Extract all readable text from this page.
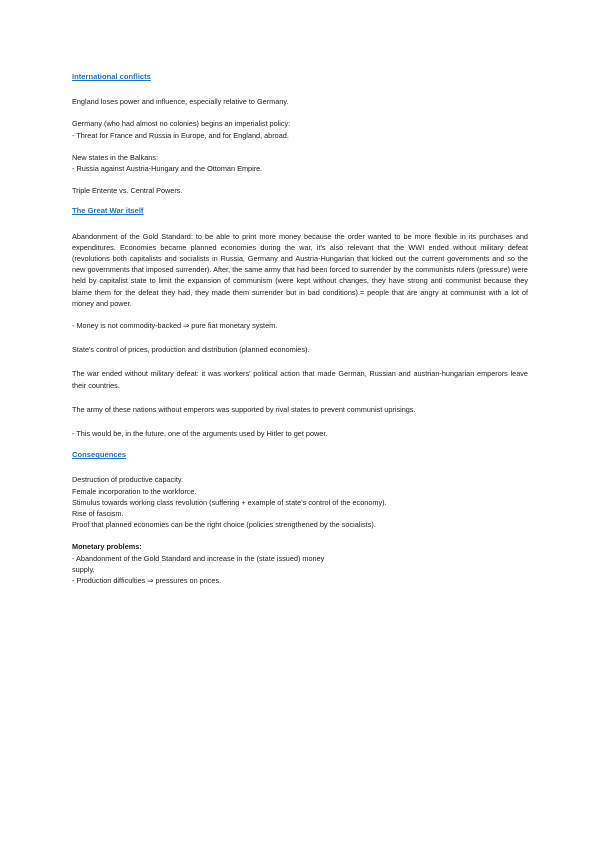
International conflicts

England loses power and influence, especially relative to Germany.

Germany (who had almost no colonies) begins an imperialist policy:
- Threat for France and Russia in Europe, and for England, abroad.

New states in the Balkans:
- Russia against Austria-Hungary and the Ottoman Empire.

Triple Entente vs. Central Powers.

The Great War itself

Abandonment of the Gold Standard: to be able to print more money because the order wanted to be more flexible in its purchases and expenditures. Economies became planned economies during the war, it's also relevant that the WWI ended without military defeat (revolutions both capitalists and socialists in Russia, Germany and Austria-Hungarian that kicked out the current governments and so the new governments that imposed surrender). After, the same army that had been forced to surrender by the communists rulers (pressure) were held by capitalist state to limit the expansion of communism (were kept without changes, they have strong anti communist because they blame them for the defeat they had, they made them surrender but in bad conditions).= people that are angry at communist with a lot of money and power.

- Money is not commodity-backed ⇒ pure fiat monetary system.

State's control of prices, production and distribution (planned economies).

The war ended without military defeat: it was workers' political action that made German, Russian and austrian-hungarian emperors leave their countries.

The army of these nations without emperors was supported by rival states to prevent communist uprisings.

- This would be, in the future, one of the arguments used by Hitler to get power.

Consequences

Destruction of productive capacity.
Female incorporation to the workforce.
Stimulus towards working class revolution (suffering + example of state's control of the economy).
Rise of fascism.
Proof that planned economies can be the right choice (policies strengthened by the socialists).

Monetary problems:
- Abandonment of the Gold Standard and increase in the (state issued) money
supply.
- Production difficulties ⇒ pressures on prices.
